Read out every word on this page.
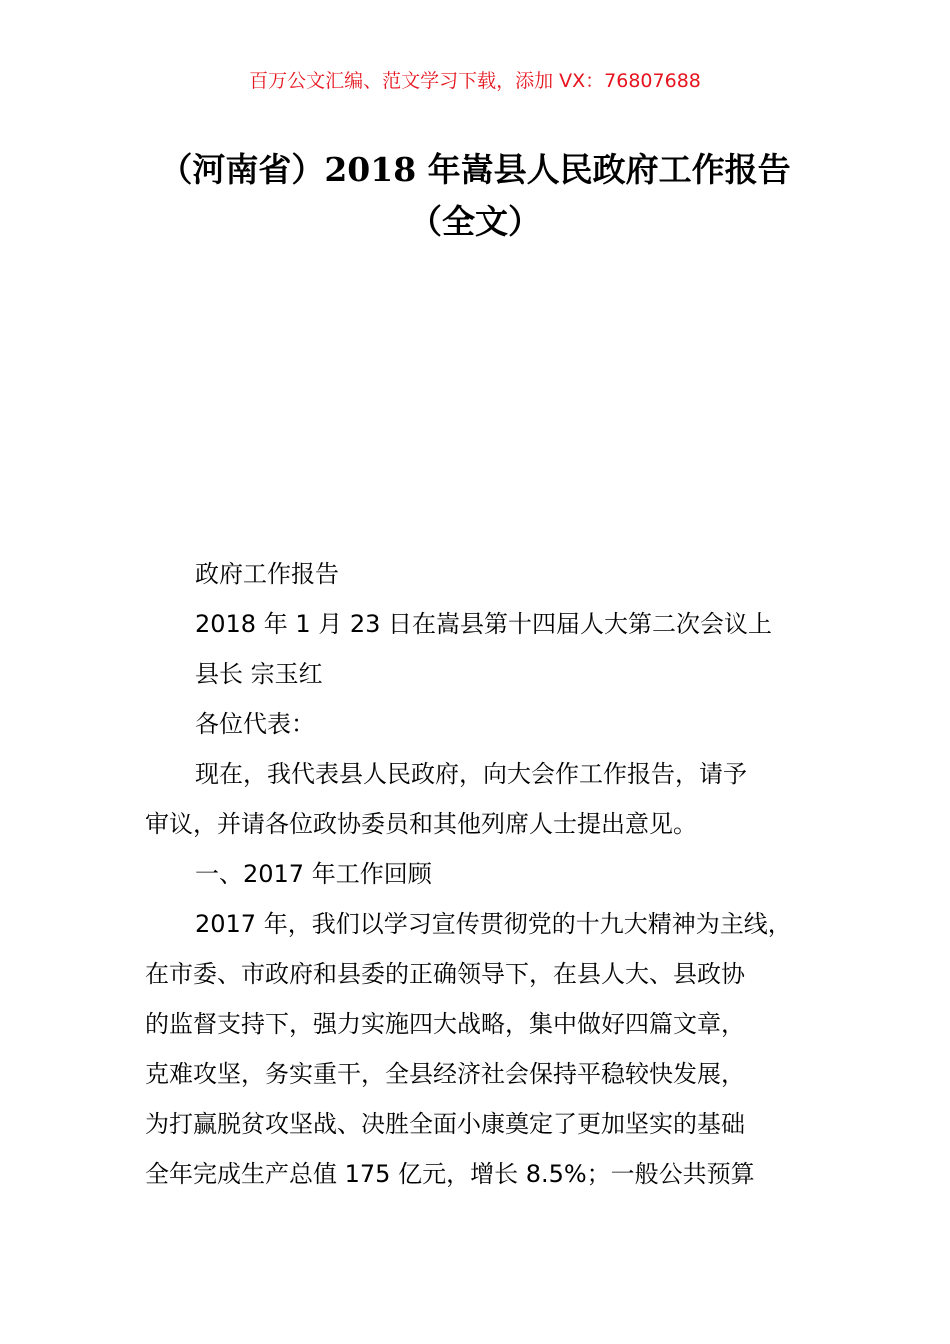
百万公文汇编、范文学习下载，添加 VX：76807688
（河南省）2018 年嵩县人民政府工作报告
（全文）
政府工作报告
2018 年 1 月 23 日在嵩县第十四届人大第二次会议上
县长 宗玉红
各位代表：
现在，我代表县人民政府，向大会作工作报告，请予
审议，并请各位政协委员和其他列席人士提出意见。
一、2017 年工作回顾
2017 年，我们以学习宣传贯彻党的十九大精神为主线，
在市委、市政府和县委的正确领导下，在县人大、县政协
的监督支持下，强力实施四大战略，集中做好四篇文章，
克难攻坚，务实重干，全县经济社会保持平稳较快发展，
为打赢脱贫攻坚战、决胜全面小康奠定了更加坚实的基础
全年完成生产总值 175 亿元，增长 8.5%；一般公共预算
